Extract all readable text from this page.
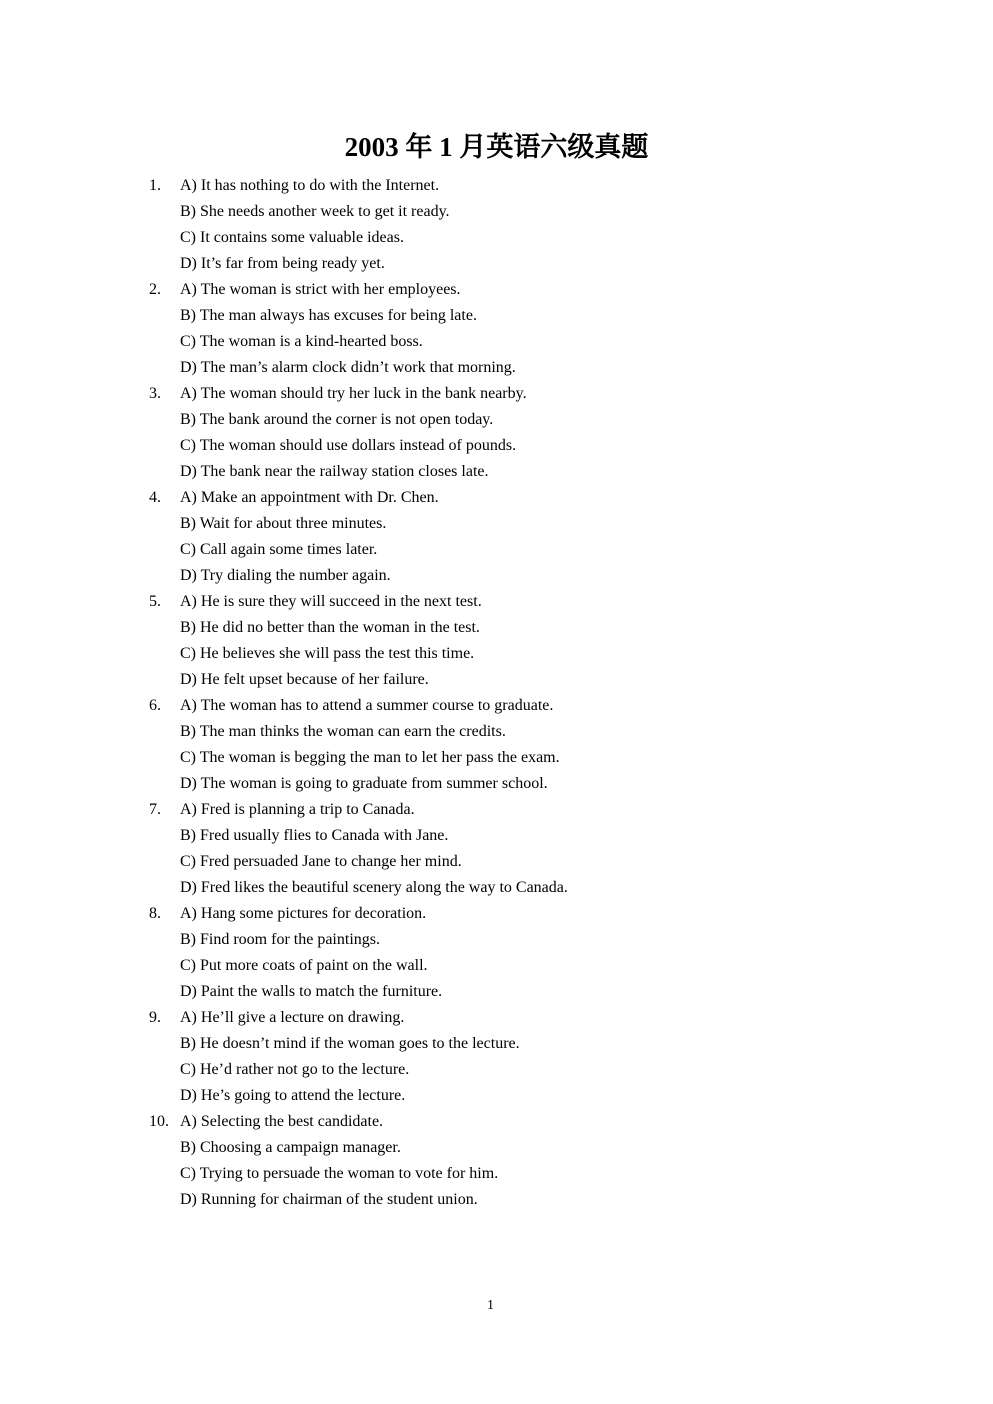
2003 年 1 月英语六级真题
1. A) It has nothing to do with the Internet.
B) She needs another week to get it ready.
C) It contains some valuable ideas.
D) It’s far from being ready yet.
2. A) The woman is strict with her employees.
B) The man always has excuses for being late.
C) The woman is a kind-hearted boss.
D) The man’s alarm clock didn’t work that morning.
3. A) The woman should try her luck in the bank nearby.
B) The bank around the corner is not open today.
C) The woman should use dollars instead of pounds.
D) The bank near the railway station closes late.
4. A) Make an appointment with Dr. Chen.
B) Wait for about three minutes.
C) Call again some times later.
D) Try dialing the number again.
5. A) He is sure they will succeed in the next test.
B) He did no better than the woman in the test.
C) He believes she will pass the test this time.
D) He felt upset because of her failure.
6. A) The woman has to attend a summer course to graduate.
B) The man thinks the woman can earn the credits.
C) The woman is begging the man to let her pass the exam.
D) The woman is going to graduate from summer school.
7. A) Fred is planning a trip to Canada.
B) Fred usually flies to Canada with Jane.
C) Fred persuaded Jane to change her mind.
D) Fred likes the beautiful scenery along the way to Canada.
8. A) Hang some pictures for decoration.
B) Find room for the paintings.
C) Put more coats of paint on the wall.
D) Paint the walls to match the furniture.
9. A) He’ll give a lecture on drawing.
B) He doesn’t mind if the woman goes to the lecture.
C) He’d rather not go to the lecture.
D) He’s going to attend the lecture.
10. A) Selecting the best candidate.
B) Choosing a campaign manager.
C) Trying to persuade the woman to vote for him.
D) Running for chairman of the student union.
1
